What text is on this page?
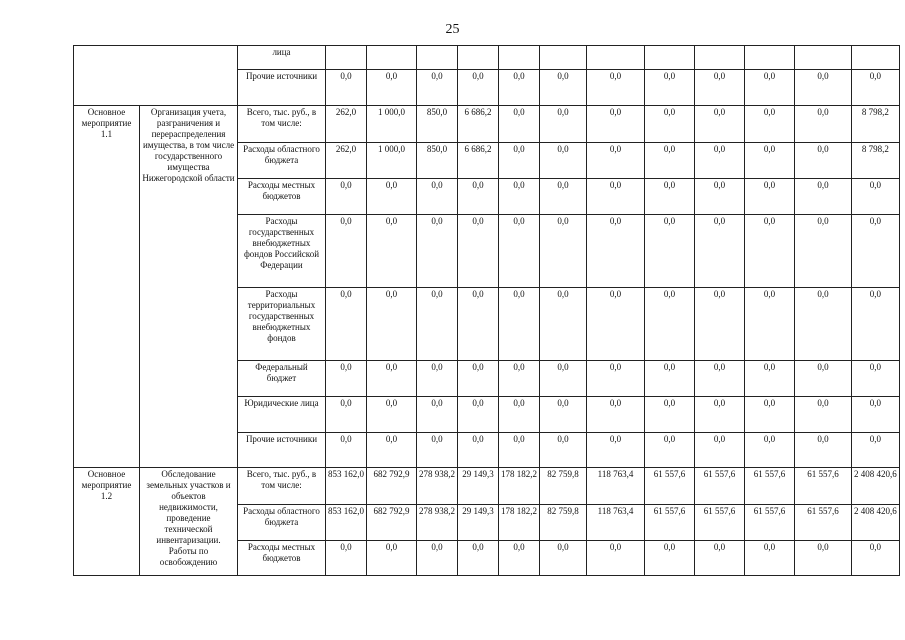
25
		лица												
		Прочие источники	0,0	0,0	0,0	0,0	0,0	0,0	0,0	0,0	0,0	0,0	0,0	0,0
Основное мероприятие 1.1	Организация учета, разграничения и перераспределения имущества, в том числе государственного имущества Нижегородской области	Всего, тыс. руб., в том числе:	262,0	1 000,0	850,0	6 686,2	0,0	0,0	0,0	0,0	0,0	0,0	0,0	8 798,2
		Расходы областного бюджета	262,0	1 000,0	850,0	6 686,2	0,0	0,0	0,0	0,0	0,0	0,0	0,0	8 798,2
		Расходы местных бюджетов	0,0	0,0	0,0	0,0	0,0	0,0	0,0	0,0	0,0	0,0	0,0	0,0
		Расходы государственных внебюджетных фондов Российской Федерации	0,0	0,0	0,0	0,0	0,0	0,0	0,0	0,0	0,0	0,0	0,0	0,0
		Расходы территориальных государственных внебюджетных фондов	0,0	0,0	0,0	0,0	0,0	0,0	0,0	0,0	0,0	0,0	0,0	0,0
		Федеральный бюджет	0,0	0,0	0,0	0,0	0,0	0,0	0,0	0,0	0,0	0,0	0,0	0,0
		Юридические лица	0,0	0,0	0,0	0,0	0,0	0,0	0,0	0,0	0,0	0,0	0,0	0,0
		Прочие источники	0,0	0,0	0,0	0,0	0,0	0,0	0,0	0,0	0,0	0,0	0,0	0,0
Основное мероприятие 1.2	Обследование земельных участков и объектов недвижимости, проведение технической инвентаризации. Работы по освобождению	Всего, тыс. руб., в том числе:	853 162,0	682 792,9	278 938,2	29 149,3	178 182,2	82 759,8	118 763,4	61 557,6	61 557,6	61 557,6	61 557,6	2 408 420,6
		Расходы областного бюджета	853 162,0	682 792,9	278 938,2	29 149,3	178 182,2	82 759,8	118 763,4	61 557,6	61 557,6	61 557,6	61 557,6	2 408 420,6
		Расходы местных бюджетов	0,0	0,0	0,0	0,0	0,0	0,0	0,0	0,0	0,0	0,0	0,0	0,0
